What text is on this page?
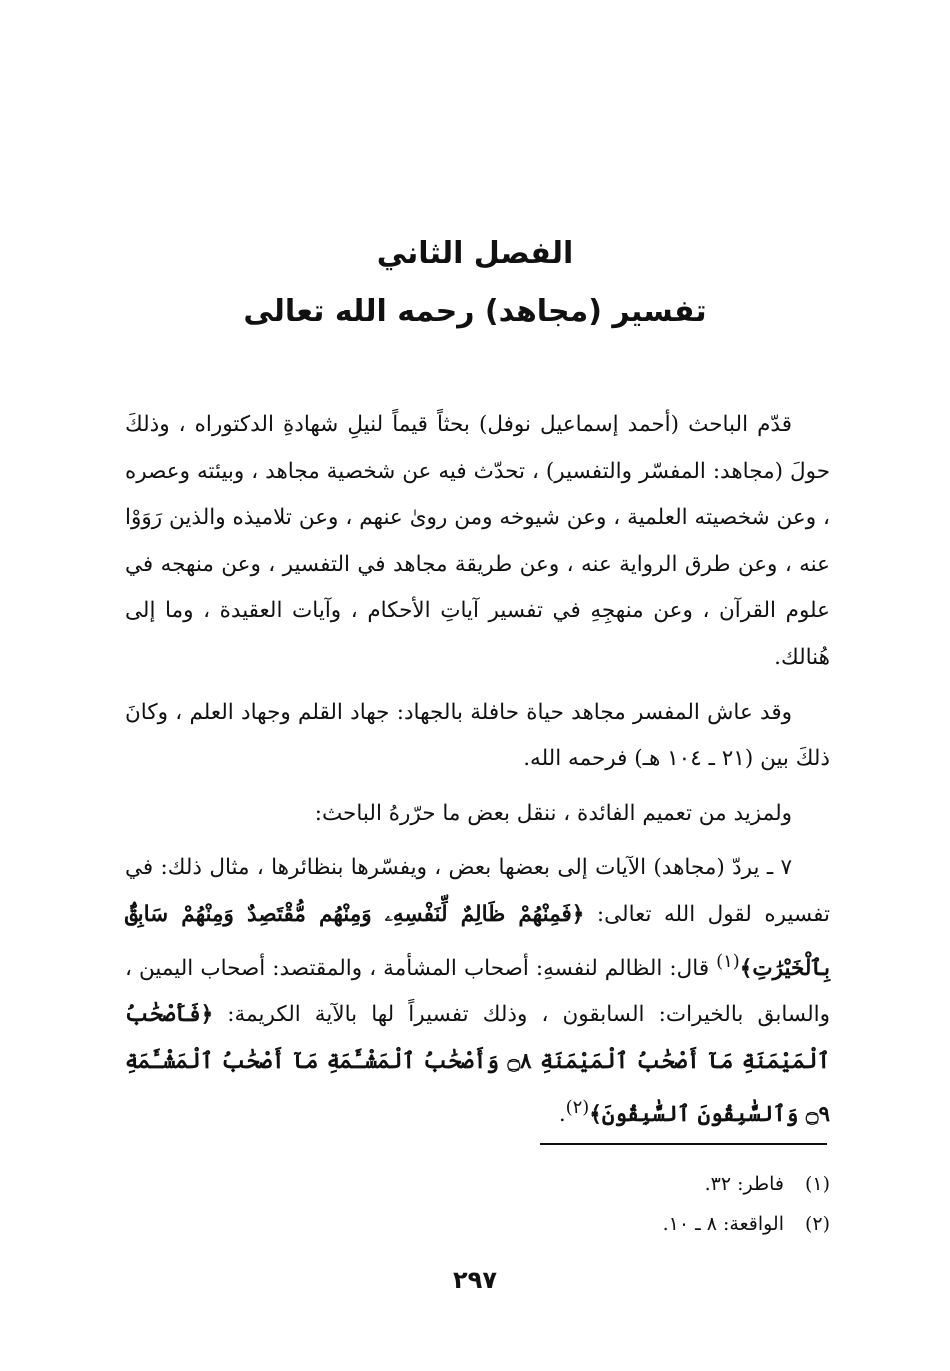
الفصل الثاني
تفسير (مجاهد) رحمه الله تعالى

قدّم الباحث (أحمد إسماعيل نوفل) بحثاً قيماً لنيلِ شهادةِ الدكتوراه ، وذلكَ حولَ (مجاهد: المفسّر والتفسير) ، تحدّث فيه عن شخصية مجاهد ، وبيئته وعصره ، وعن شخصيته العلمية ، وعن شيوخه ومن روىٰ عنهم ، وعن تلاميذه والذين رَوَوْا عنه ، وعن طرق الرواية عنه ، وعن طريقة مجاهد في التفسير ، وعن منهجه في علوم القرآن ، وعن منهجِهِ في تفسير آياتِ الأحكام ، وآيات العقيدة ، وما إلى هُنالك.

وقد عاش المفسر مجاهد حياة حافلة بالجهاد: جهاد القلم وجهاد العلم ، وكانَ ذلكَ بين (٢١ ـ ١٠٤ هـ) فرحمه الله.

ولمزيد من تعميم الفائدة ، ننقل بعض ما حرّرهُ الباحث:

٧ ـ يردّ (مجاهد) الآيات إلى بعضها بعض ، ويفسّرها بنظائرها ، مثال ذلك: في تفسيره لقول الله تعالى: ﴿فَمِنْهُمْ ظَالِمٌ لِّنَفْسِهِۦ وَمِنْهُم مُّقْتَصِدٌ وَمِنْهُمْ سَابِقٌۢ بِٱلْخَيْرَٰتِ﴾$^{(١)}$ قال: الظالم لنفسهِ: أصحاب المشأمة ، والمقتصد: أصحاب اليمين ، والسابق بالخيرات: السابقون ، وذلك تفسيراً لها بالآية الكريمة: ﴿فَأَصْحَٰبُ ٱلْمَيْمَنَةِ مَآ أَصْحَٰبُ ٱلْمَيْمَنَةِ ۝٨ وَأَصْحَٰبُ ٱلْمَشْـَٔمَةِ مَآ أَصْحَٰبُ ٱلْمَشْـَٔمَةِ ۝٩ وَٱلسَّٰبِقُونَ ٱلسَّٰبِقُونَ﴾$^{(٢)}$.

(١)فاطر: ٣٢.
(٢)الواقعة: ٨ ـ ١٠.
٢٩٧
